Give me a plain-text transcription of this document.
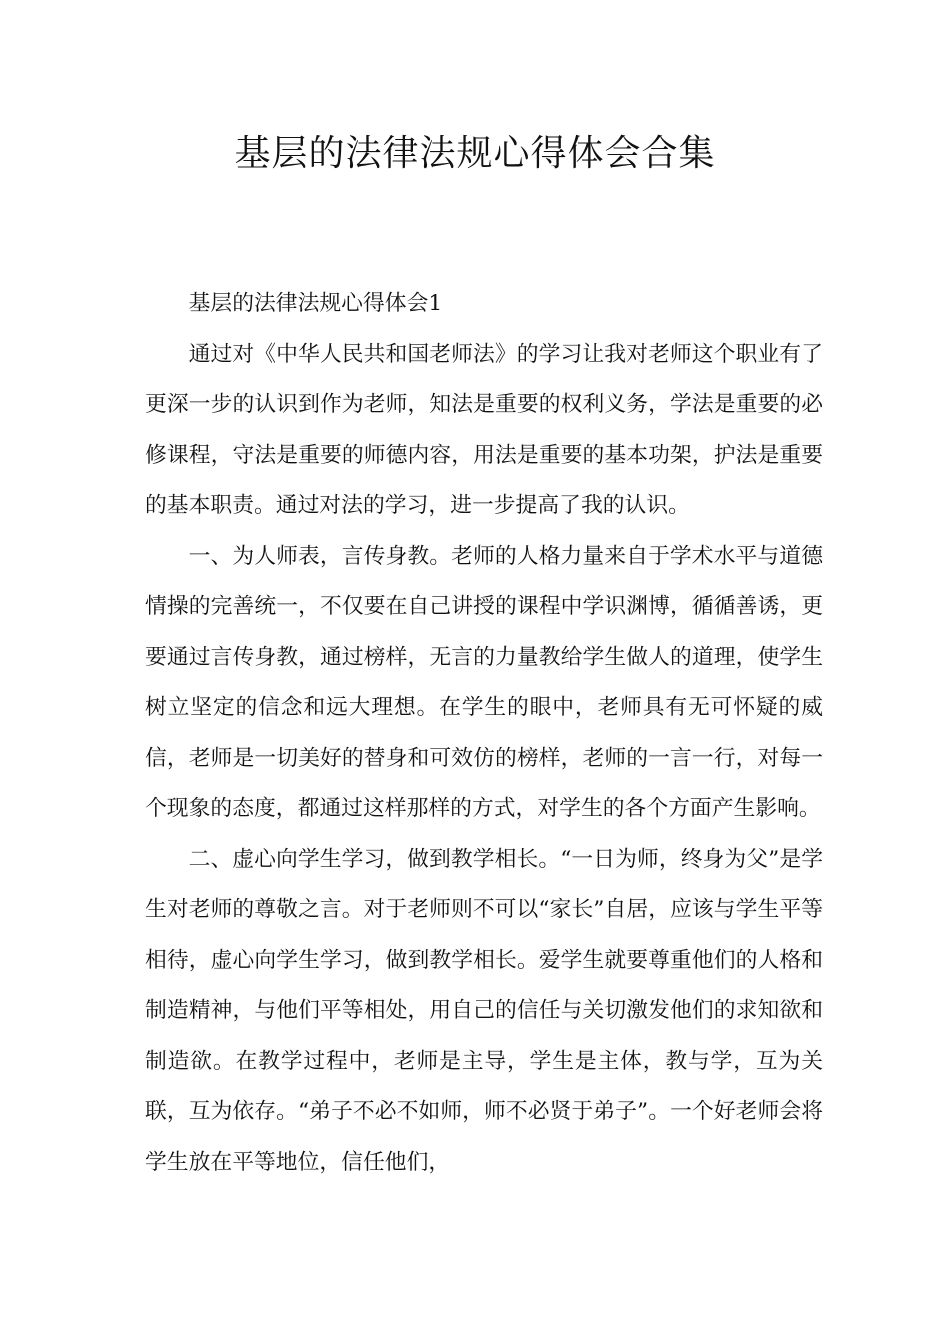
基层的法律法规心得体会合集

基层的法律法规心得体会1

通过对《中华人民共和国老师法》的学习让我对老师这个职业有了更深一步的认识到作为老师，知法是重要的权利义务，学法是重要的必修课程，守法是重要的师德内容，用法是重要的基本功架，护法是重要的基本职责。通过对法的学习，进一步提高了我的认识。

一、为人师表，言传身教。老师的人格力量来自于学术水平与道德情操的完善统一，不仅要在自己讲授的课程中学识渊博，循循善诱，更要通过言传身教，通过榜样，无言的力量教给学生做人的道理，使学生树立坚定的信念和远大理想。在学生的眼中，老师具有无可怀疑的威信，老师是一切美好的替身和可效仿的榜样，老师的一言一行，对每一个现象的态度，都通过这样那样的方式，对学生的各个方面产生影响。

二、虚心向学生学习，做到教学相长。“一日为师，终身为父”是学生对老师的尊敬之言。对于老师则不可以“家长”自居，应该与学生平等相待，虚心向学生学习，做到教学相长。爱学生就要尊重他们的人格和制造精神，与他们平等相处，用自己的信任与关切激发他们的求知欲和制造欲。在教学过程中，老师是主导，学生是主体，教与学，互为关联，互为依存。“弟子不必不如师，师不必贤于弟子”。一个好老师会将学生放在平等地位，信任他们，
